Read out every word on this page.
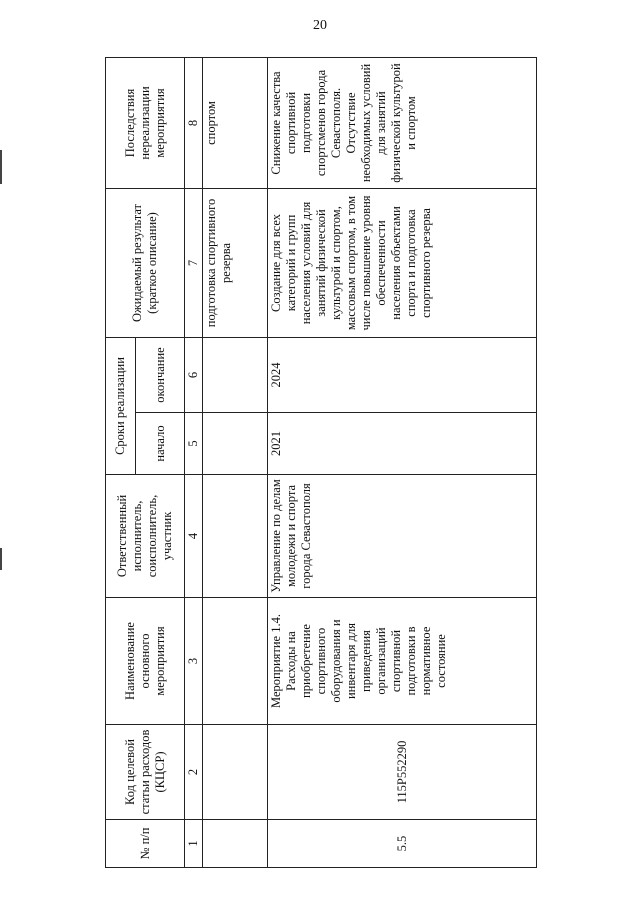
20
№ п/п	Код целевой статьи расходов (КЦСР)	Наименование основного мероприятия	Ответственный исполнитель, соисполнитель, участник	Сроки реализации		Ожидаемый результат (краткое описание)	Последствия нереализации мероприятия
				начало	окончание		
1	2	3	4	5	6	7	8
						подготовка спортивного резерва	спортом
5.5	115P552290	Мероприятие 1.4. Расходы на приобретение спортивного оборудования и инвентаря для приведения организаций спортивной подготовки в нормативное состояние	Управление по делам молодежи и спорта города Севастополя	2021	2024	Создание для всех категорий и групп населения условий для занятий физической культурой и спортом, массовым спортом, в том числе повышение уровня обеспеченности населения объектами спорта и подготовка спортивного резерва	Снижение качества спортивной подготовки спортсменов города Севастополя. Отсутствие необходимых условий для занятий физической культурой и спортом
